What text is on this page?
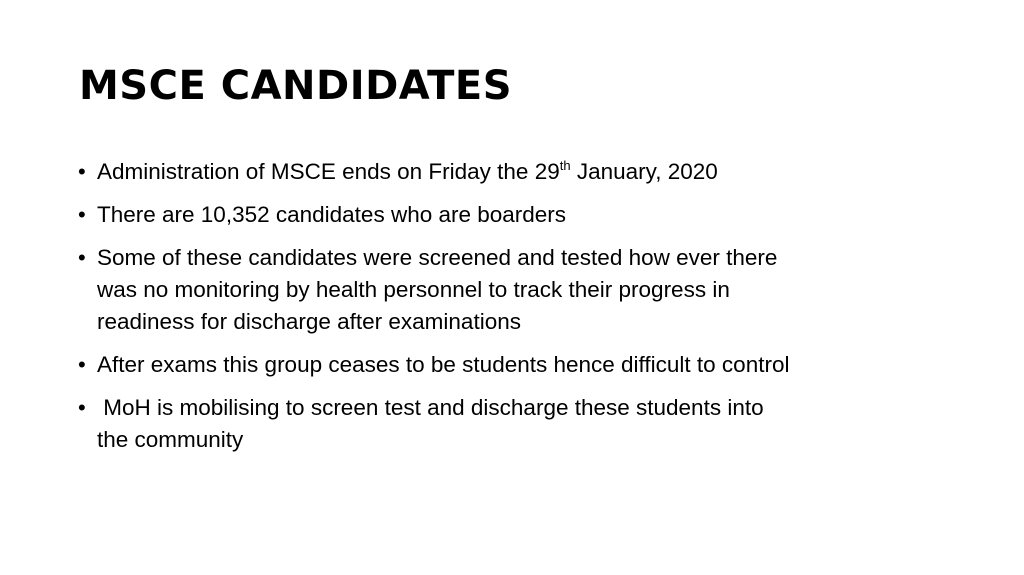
MSCE CANDIDATES
• Administration of MSCE ends on Friday the 29th January, 2020
• There are 10,352 candidates who are boarders
• Some of these candidates were screened and tested how ever there
was no monitoring by health personnel to track their progress in
readiness for discharge after examinations
• After exams this group ceases to be students hence difficult to control
• MoH is mobilising to screen test and discharge these students into
the community
